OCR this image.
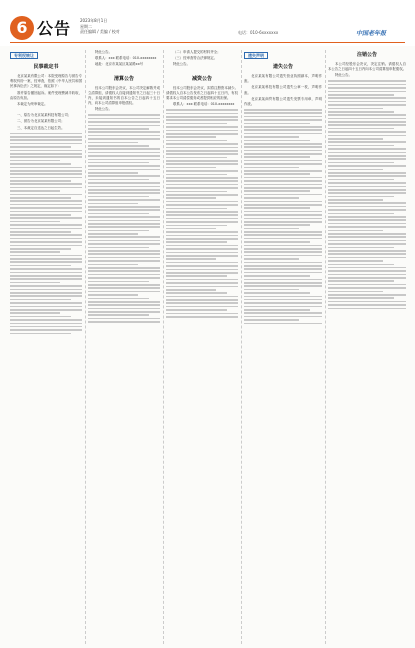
6 公告 2023年8月1日
星期二
责任编辑 / 美编 / 校对	电话：010-6xxxxxxx	中国老年报
专利权转让
民事裁定书

北京某某有限公司：本院受理原告与被告专利权纠纷一案，经审查，依照《中华人民共和国民事诉讼法》之规定，裁定如下：

准许原告撤回起诉。案件受理费减半收取，由原告负担。

本裁定为终审裁定。

一、原告为北京某某科技有限公司；

二、被告为北京某某有限公司；

三、本裁定自送达之日起生效。

特此公告。

联系人：xxx 联系电话：010-xxxxxxxx

地址：北京市某某区某某路xx号

清算公告

经本公司股东会决议，本公司决定解散并成立清算组，请债权人自接到通知书之日起三十日内，未接到通知书的自本公告之日起四十五日内，向本公司清算组申报债权。

特此公告。

（二）申请人提交的材料齐全；

（三）经审查符合法律规定。

特此公告。

减资公告

经本公司股东会决议，拟将注册资本减少。请债权人自本公告发布之日起四十五日内，有权要求本公司清偿债务或者提供相应的担保。

联系人：xxx 联系电话：010-xxxxxxxx

遗失声明
遗失公告

北京某某有限公司遗失营业执照副本，声明作废。

北京某某科技有限公司遗失公章一枚，声明作废。

北京某某商贸有限公司遗失发票专用章，声明作废。

注销公告

本公司经股东会决议，决定注销。请债权人自本公告之日起四十五日内向本公司清算组申报债权。

特此公告。
